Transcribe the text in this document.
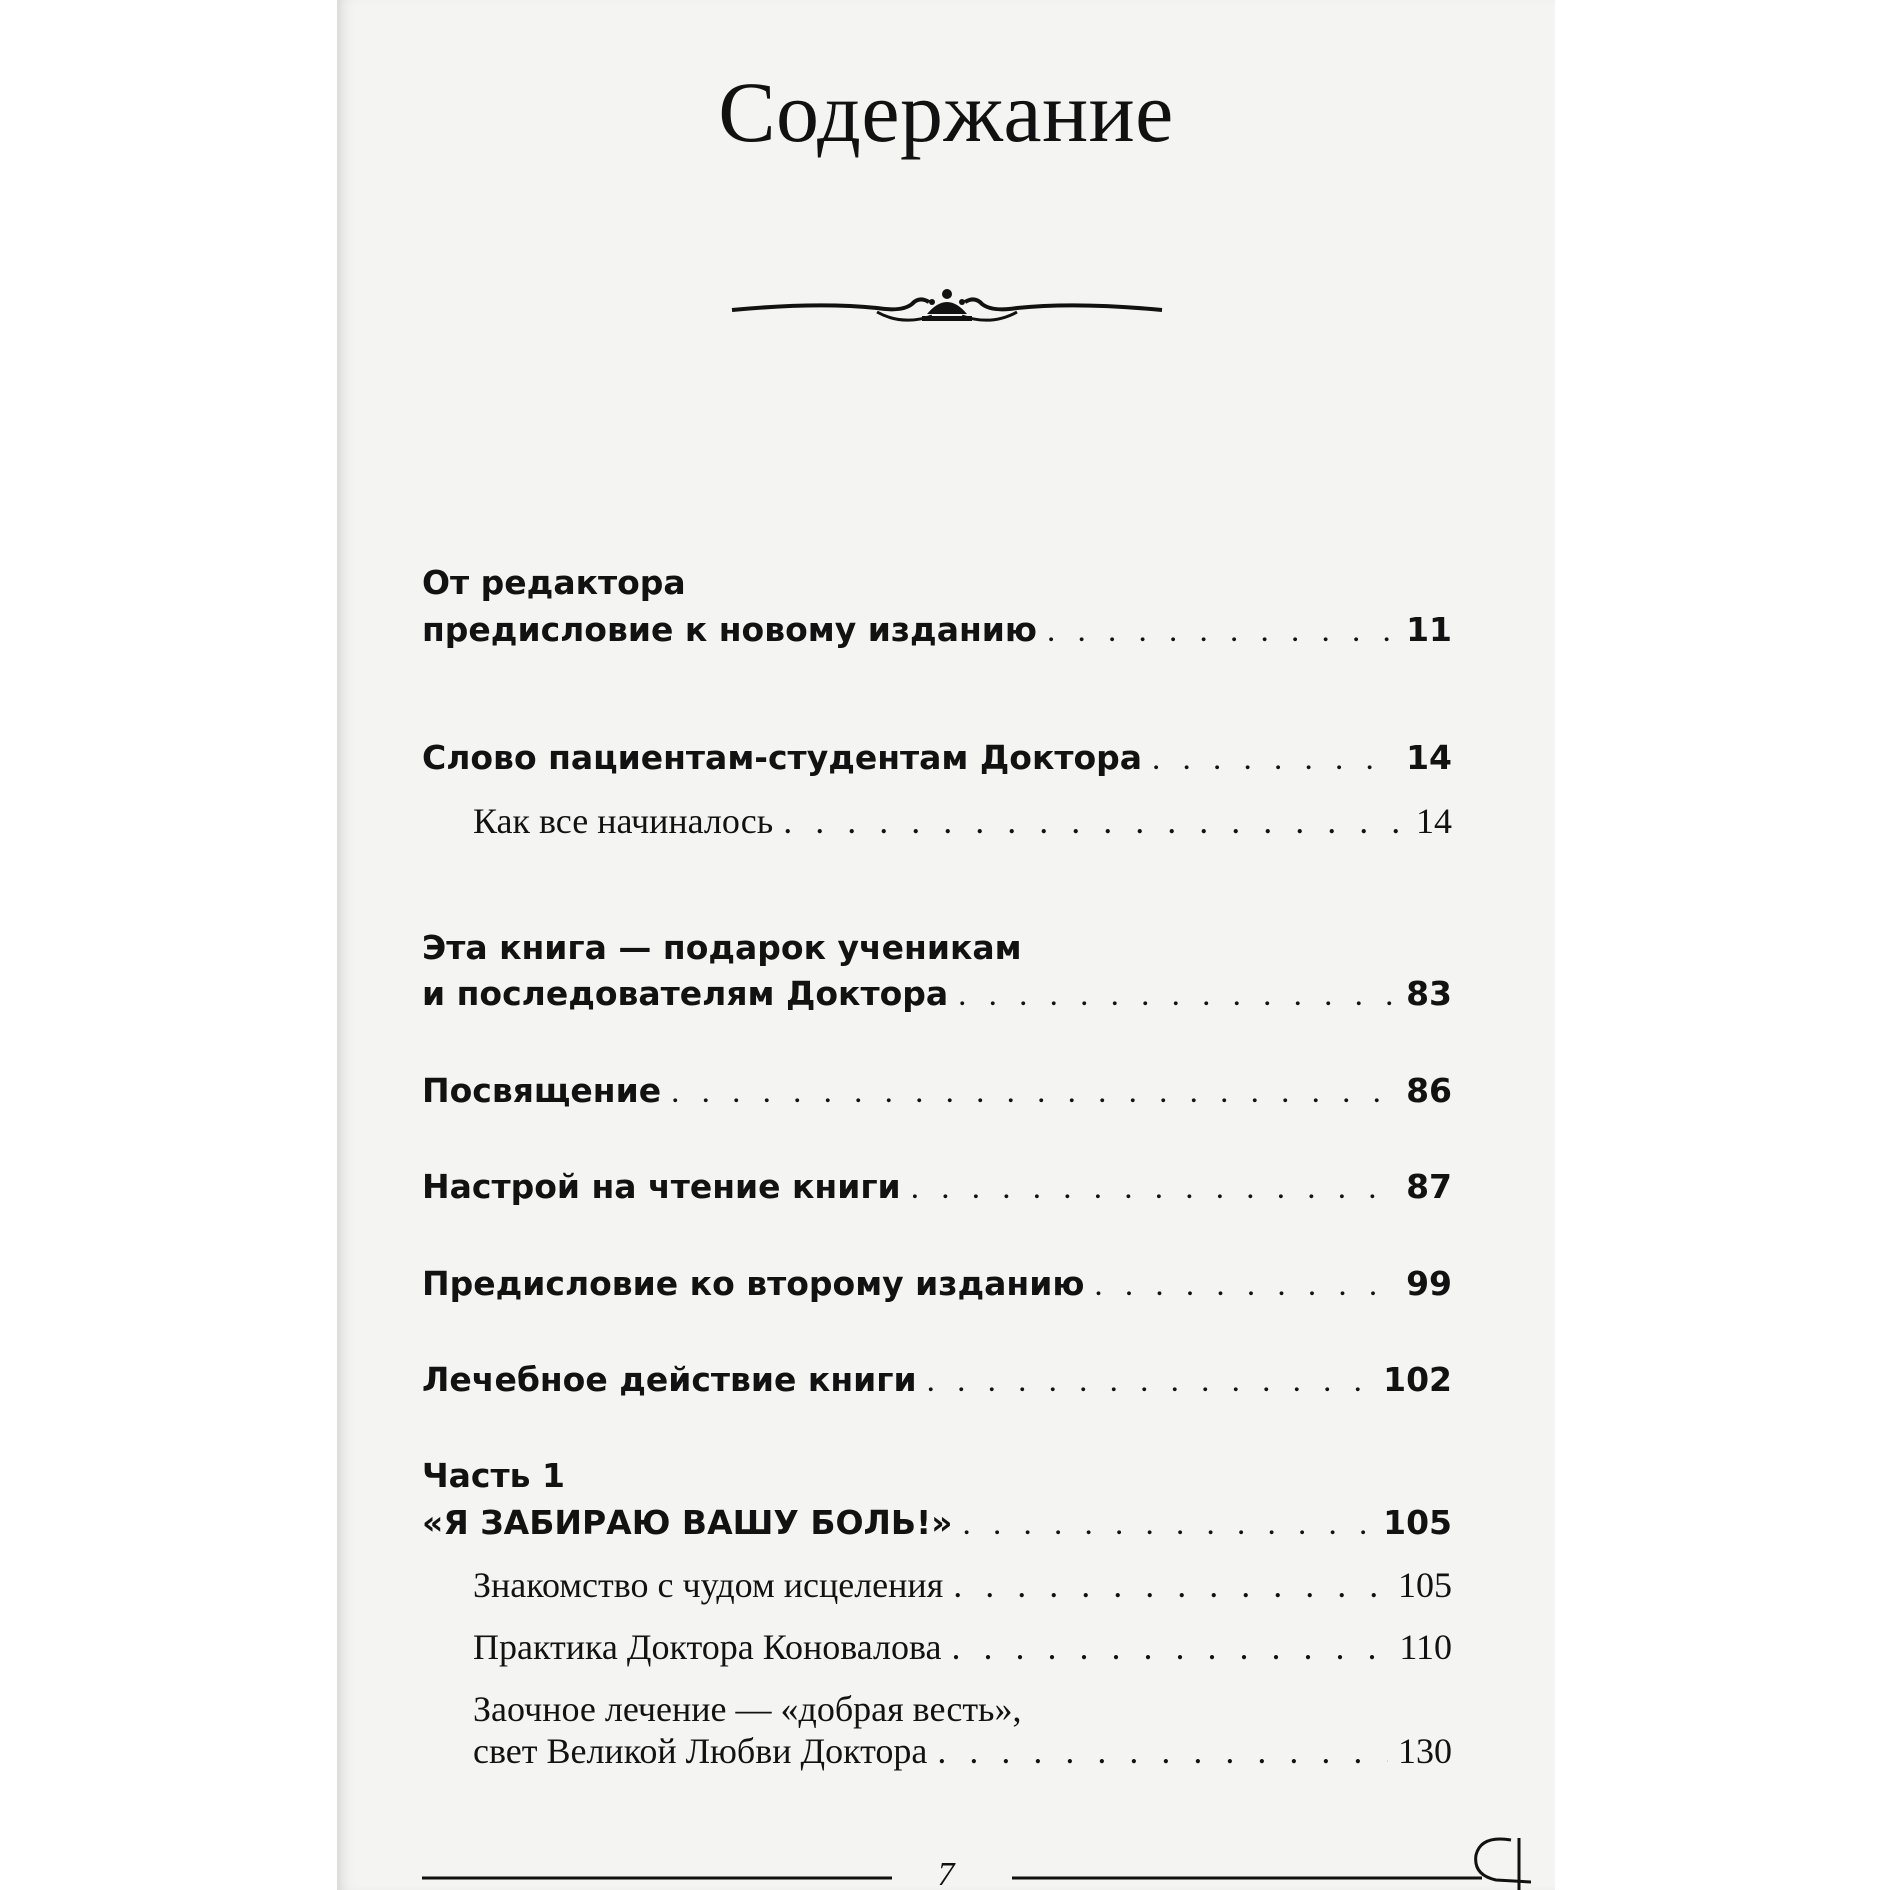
Содержание
От редактора
предисловие к новому изданию . . .	11
Слово пациентам-студентам Доктора . . .	14
Как все начиналось . . .	14
Эта книга — подарок ученикам
и последователям Доктора . . .	83
Посвящение . . .	86
Настрой на чтение книги . . .	87
Предисловие ко второму изданию . . .	99
Лечебное действие книги . . .	102
Часть 1
«Я ЗАБИРАЮ ВАШУ БОЛЬ!» . . .	105
Знакомство с чудом исцеления . . .	105
Практика Доктора Коновалова . . .	110
Заочное лечение — «добрая весть»,
свет Великой Любви Доктора . . .	130
7
